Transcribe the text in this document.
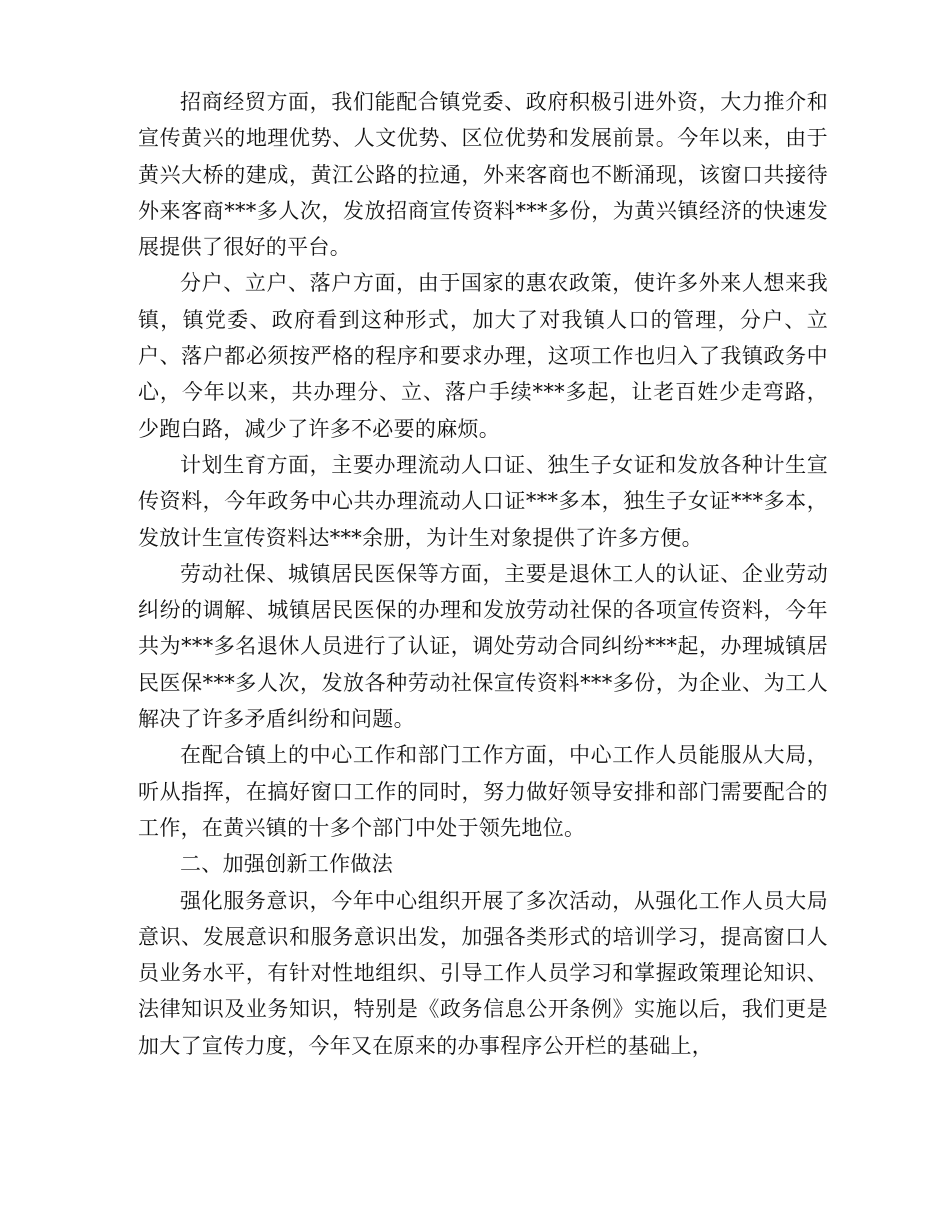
招商经贸方面，我们能配合镇党委、政府积极引进外资，大力推介和宣传黄兴的地理优势、人文优势、区位优势和发展前景。今年以来，由于黄兴大桥的建成，黄江公路的拉通，外来客商也不断涌现，该窗口共接待外来客商***多人次，发放招商宣传资料***多份，为黄兴镇经济的快速发展提供了很好的平台。

分户、立户、落户方面，由于国家的惠农政策，使许多外来人想来我镇，镇党委、政府看到这种形式，加大了对我镇人口的管理，分户、立户、落户都必须按严格的程序和要求办理，这项工作也归入了我镇政务中心，今年以来，共办理分、立、落户手续***多起，让老百姓少走弯路，少跑白路，减少了许多不必要的麻烦。

计划生育方面，主要办理流动人口证、独生子女证和发放各种计生宣传资料，今年政务中心共办理流动人口证***多本，独生子女证***多本，发放计生宣传资料达***余册，为计生对象提供了许多方便。

劳动社保、城镇居民医保等方面，主要是退休工人的认证、企业劳动纠纷的调解、城镇居民医保的办理和发放劳动社保的各项宣传资料，今年共为***多名退休人员进行了认证，调处劳动合同纠纷***起，办理城镇居民医保***多人次，发放各种劳动社保宣传资料***多份，为企业、为工人解决了许多矛盾纠纷和问题。

在配合镇上的中心工作和部门工作方面，中心工作人员能服从大局，听从指挥，在搞好窗口工作的同时，努力做好领导安排和部门需要配合的工作，在黄兴镇的十多个部门中处于领先地位。

二、加强创新工作做法

强化服务意识，今年中心组织开展了多次活动，从强化工作人员大局意识、发展意识和服务意识出发，加强各类形式的培训学习，提高窗口人员业务水平，有针对性地组织、引导工作人员学习和掌握政策理论知识、法律知识及业务知识，特别是《政务信息公开条例》实施以后，我们更是加大了宣传力度，今年又在原来的办事程序公开栏的基础上，
